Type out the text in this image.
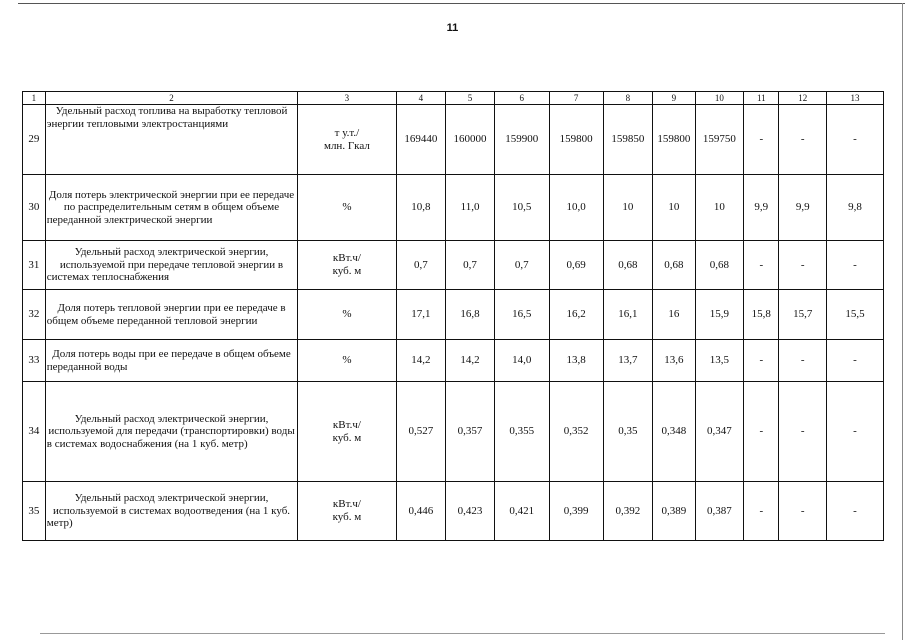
11
1	2	3	4	5	6	7	8	9	10	11	12	13
29	Удельный расход топлива на выработку тепловой энергии тепловыми электростанциями	т у.т./
млн. Гкал	169440	160000	159900	159800	159850	159800	159750	-	-	-
30	Доля потерь электрической энергии при ее передаче по распределительным сетям в общем объеме переданной электрической энергии	%	10,8	11,0	10,5	10,0	10	10	10	9,9	9,9	9,8
31	Удельный расход электрической энергии, используемой при передаче тепловой энергии в системах теплоснабжения	кВт.ч/
куб. м	0,7	0,7	0,7	0,69	0,68	0,68	0,68	-	-	-
32	Доля потерь тепловой энергии при ее передаче в общем объеме переданной тепловой энергии	%	17,1	16,8	16,5	16,2	16,1	16	15,9	15,8	15,7	15,5
33	Доля потерь воды при ее передаче в общем объеме переданной воды	%	14,2	14,2	14,0	13,8	13,7	13,6	13,5	-	-	-
34	Удельный расход электрической энергии, используемой для передачи (транспортировки) воды в системах водоснабжения (на 1 куб. метр)	кВт.ч/
куб. м	0,527	0,357	0,355	0,352	0,35	0,348	0,347	-	-	-
35	Удельный расход электрической энергии, используемой в системах водоотведения (на 1 куб. метр)	кВт.ч/
куб. м	0,446	0,423	0,421	0,399	0,392	0,389	0,387	-	-	-
